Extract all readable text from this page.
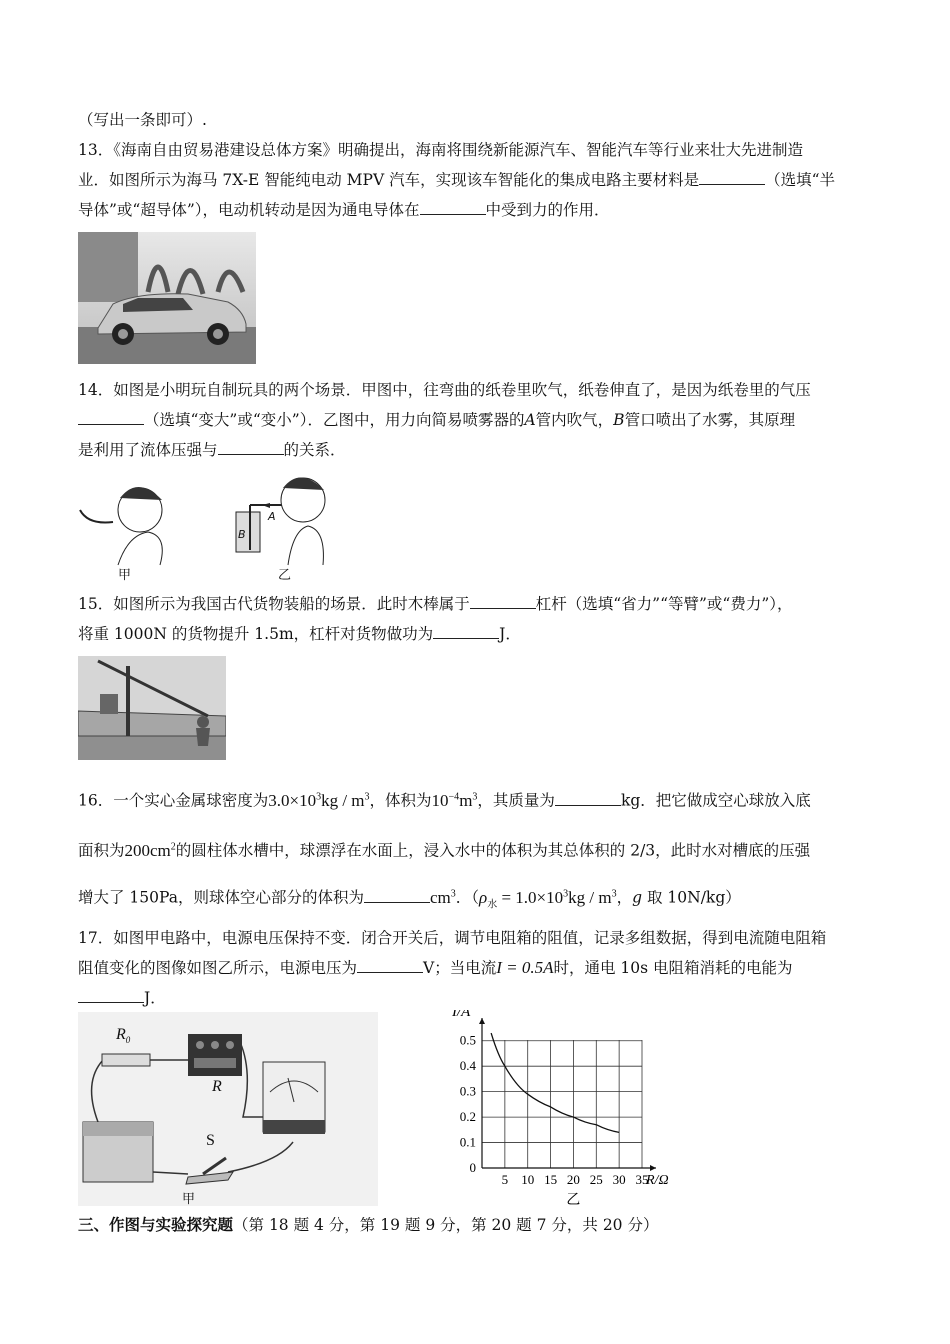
（写出一条即可）.
13．《海南自由贸易港建设总体方案》明确提出，海南将围绕新能源汽车、智能汽车等行业来壮大先进制造
业．如图所示为海马 7X-E 智能纯电动 MPV 汽车，实现该车智能化的集成电路主要材料是	（选填“半
导体”或“超导体”），电动机转动是因为通电导体在	中受到力的作用．
14．如图是小明玩自制玩具的两个场景．甲图中，往弯曲的纸卷里吹气，纸卷伸直了，是因为纸卷里的气压
（选填“变大”或“变小”）．乙图中，用力向简易喷雾器的A管内吹气，B管口喷出了水雾，其原理
是利用了流体压强与	的关系．
甲	乙
A
B
15．如图所示为我国古代货物装船的场景．此时木棒属于	杠杆（选填“省力”“等臂”或“费力”），
将重 1000N 的货物提升 1.5m，杠杆对货物做功为	J．
16．一个实心金属球密度为$3.0\times 10^3kg / m^3$，体积为$10^{-4}m^3$，其质量为	kg．把它做成空心球放入底
面积为$200cm^2$的圆柱体水槽中，球漂浮在水面上，浸入水中的体积为其总体积的 2/3，此时水对槽底的压强
增大了 150Pa，则球体空心部分的体积为	$cm^3$．（$\rho_水 = 1.0\times 10^3kg / m^3$，g 取 10N/kg）
17．如图甲电路中，电源电压保持不变．闭合开关后，调节电阻箱的阻值，记录多组数据，得到电流随电阻箱
阻值变化的图像如图乙所示，电源电压为	V；当电流I = 0.5A时，通电 10s 电阻箱消耗的电能为
J．
$R_0$
R
S
甲
5 10 15 20 25 30 35
0.1
0.2
0.3
0.4
0.5
0
I/A
R/Ω
乙
三、作图与实验探究题（第 18 题 4 分，第 19 题 9 分，第 20 题 7 分，共 20 分）
